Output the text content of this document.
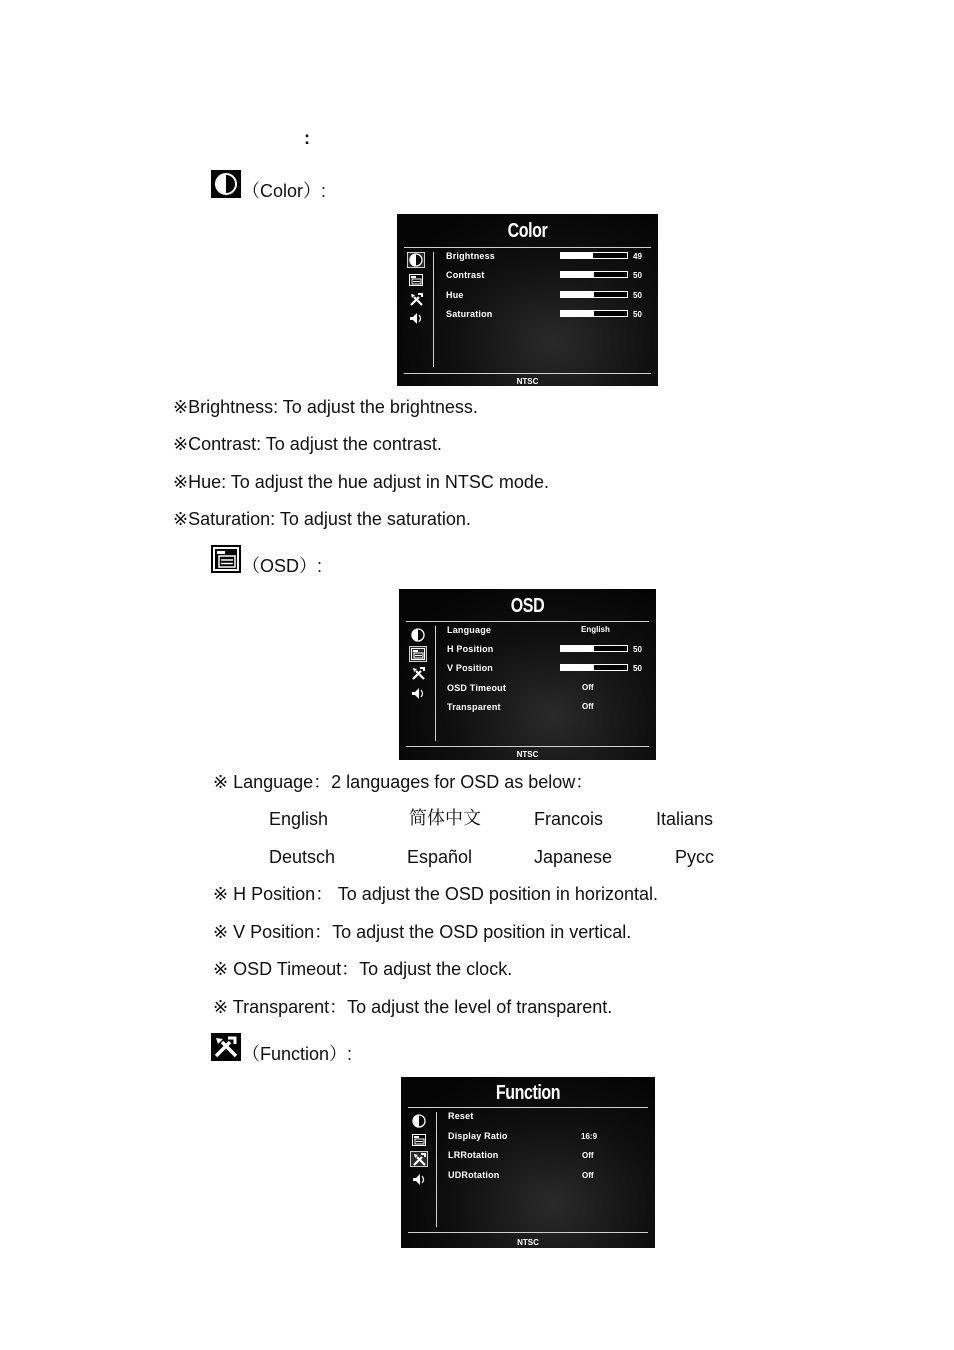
:
（Color）:
Color
NTSC
Brightness	49
Contrast	50
Hue	50
Saturation	50
※Brightness: To adjust the brightness.
※Contrast: To adjust the contrast.
※Hue: To adjust the hue adjust in NTSC mode.
※Saturation: To adjust the saturation.
（OSD）:
OSD
NTSC
Language	English
H Position	50
V Position	50
OSD Timeout	Off
Transparent	Off
※ Language：2 languages for OSD as below：
English	简体中文	Francois	Italians
Deutsch	Español	Japanese	Pycc
※ H Position： To adjust the OSD position in horizontal.
※ V Position：To adjust the OSD position in vertical.
※ OSD Timeout：To adjust the clock.
※ Transparent：To adjust the level of transparent.
（Function）:
Function
NTSC
Reset
Display Ratio	16:9
LRRotation	Off
UDRotation	Off
